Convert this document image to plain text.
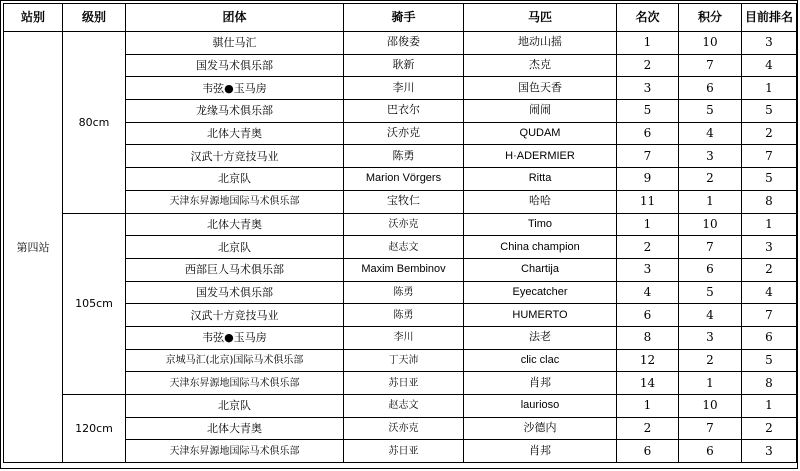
站别	级别	团体	骑手	马匹	名次	积分	目前排名
第四站	80cm	骐仕马汇	邵俊委	地动山摇	1	10	3
		国发马术俱乐部	耿新	杰克	2	7	4
		韦弦●玉马房	李川	国色天香	3	6	1
		龙缘马术俱乐部	巴衣尔	闹闹	5	5	5
		北体大青奥	沃亦克	QUDAM	6	4	2
		汉武十方竞技马业	陈勇	H·ADERMIER	7	3	7
		北京队	Marion Vörgers	Ritta	9	2	5
		天津东昇源地国际马术俱乐部	宝牧仁	哈哈	11	1	8
	105cm	北体大青奥	沃亦克	Timo	1	10	1
		北京队	赵志文	China champion	2	7	3
		西部巨人马术俱乐部	Maxim Bembinov	Chartija	3	6	2
		国发马术俱乐部	陈勇	Eyecatcher	4	5	4
		汉武十方竞技马业	陈勇	HUMERTO	6	4	7
		韦弦●玉马房	李川	法老	8	3	6
		京城马汇(北京)国际马术俱乐部	丁天沛	clic clac	12	2	5
		天津东昇源地国际马术俱乐部	苏日亚	肖邦	14	1	8
	120cm	北京队	赵志文	laurioso	1	10	1
		北体大青奥	沃亦克	沙德内	2	7	2
		天津东昇源地国际马术俱乐部	苏日亚	肖邦	6	6	3
